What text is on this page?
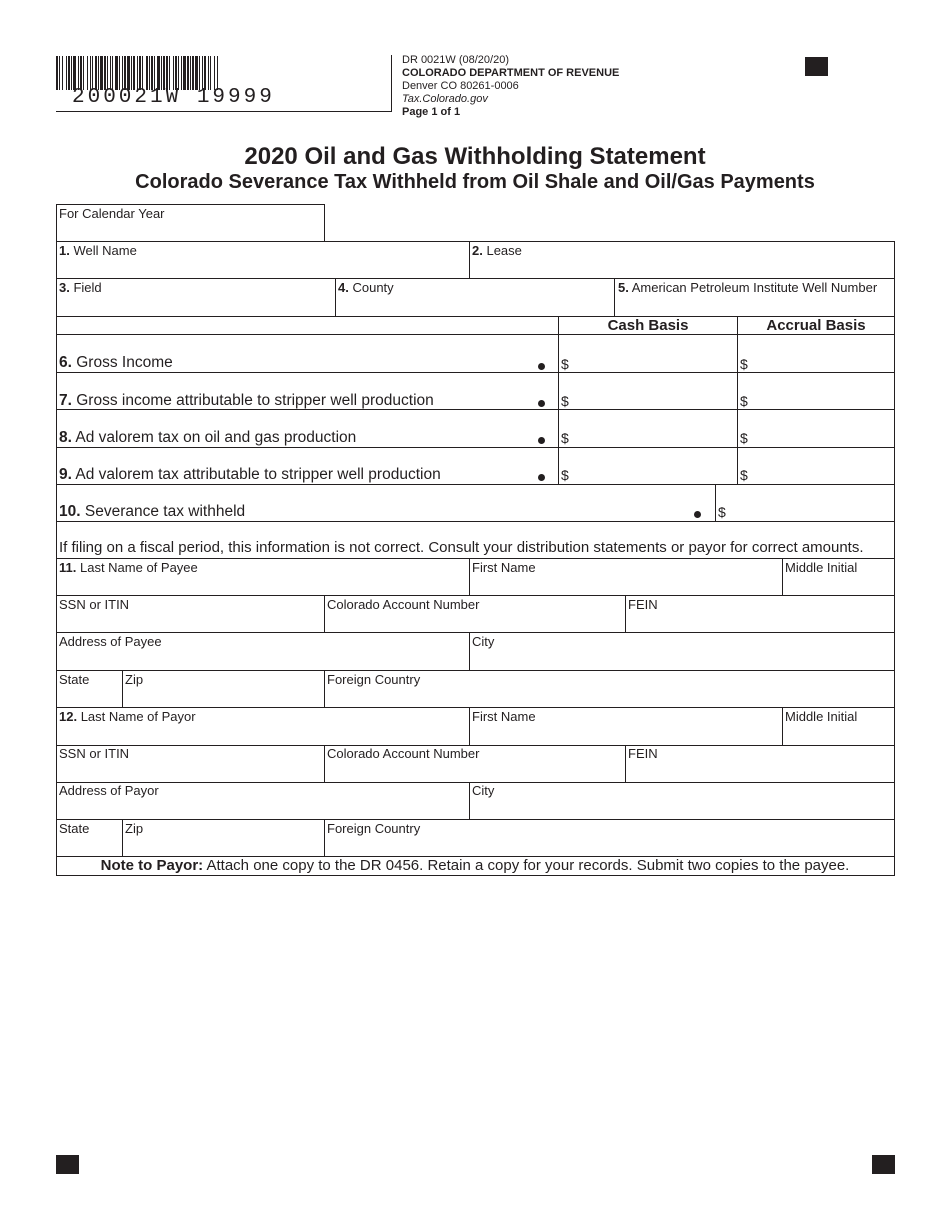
200021W 19999
DR 0021W (08/20/20)
COLORADO DEPARTMENT OF REVENUE
Denver CO 80261-0006
Tax.Colorado.gov
Page 1 of 1
2020 Oil and Gas Withholding Statement
Colorado Severance Tax Withheld from Oil Shale and Oil/Gas Payments
For Calendar Year
1. Well Name	2. Lease
3. Field	4. County	5. American Petroleum Institute Well Number
Cash Basis	Accrual Basis
6. Gross Income	$	$
7. Gross income attributable to stripper well production	$	$
8. Ad valorem tax on oil and gas production	$	$
9. Ad valorem tax attributable to stripper well production	$	$
10. Severance tax withheld	$
If filing on a fiscal period, this information is not correct. Consult your distribution statements or payor for correct amounts.
11. Last Name of Payee	First Name	Middle Initial
SSN or ITIN	Colorado Account Number	FEIN
Address of Payee	City
State	Zip	Foreign Country
12. Last Name of Payor	First Name	Middle Initial
SSN or ITIN	Colorado Account Number	FEIN
Address of Payor	City
State	Zip	Foreign Country
Note to Payor: Attach one copy to the DR 0456. Retain a copy for your records. Submit two copies to the payee.
